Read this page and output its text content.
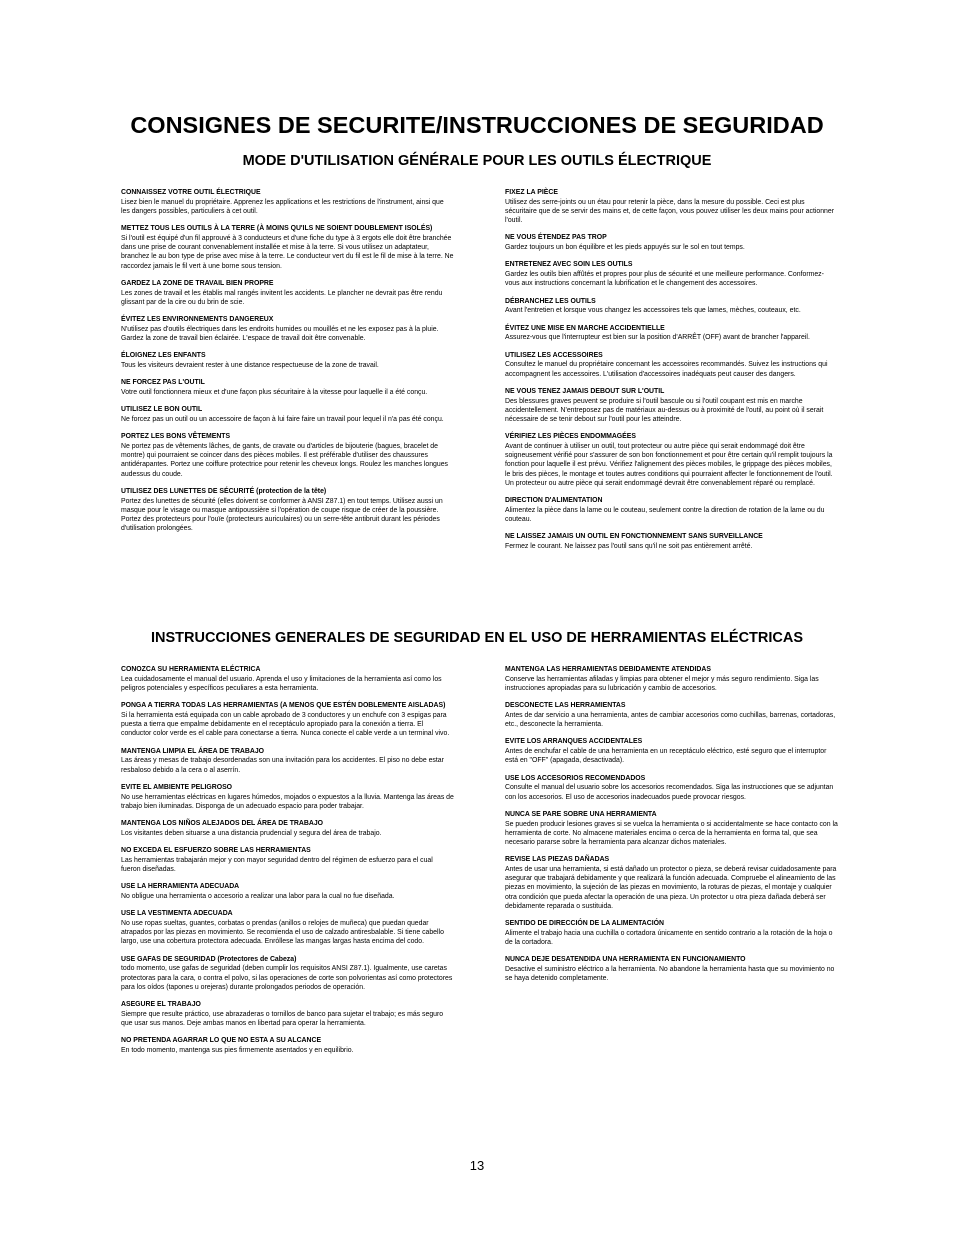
CONSIGNES DE SECURITE/INSTRUCCIONES DE SEGURIDAD
MODE D'UTILISATION GÉNÉRALE POUR LES OUTILS ÉLECTRIQUE
CONNAISSEZ VOTRE OUTIL ÉLECTRIQUE
Lisez bien le manuel du propriétaire. Apprenez les applications et les restrictions de l'instrument, ainsi que les dangers possibles, particuliers à cet outil.
METTEZ TOUS LES OUTILS À LA TERRE (À MOINS QU'ILS NE SOIENT DOUBLEMENT ISOLÉS)
Si l'outil est équipé d'un fil approuvé à 3 conducteurs et d'une fiche du type à 3 ergots elle doit être branchée dans une prise de courant convenablement installée et mise à la terre. Si vous utilisez un adaptateur, branchez le au bon type de prise avec mise à la terre. Le conducteur vert du fil est le fil de mise à la terre. Ne raccordez jamais le fil vert à une borne sous tension.
GARDEZ LA ZONE DE TRAVAIL BIEN PROPRE
Les zones de travail et les établis mal rangés invitent les accidents. Le plancher ne devrait pas être rendu glissant par de la cire ou du brin de scie.
ÉVITEZ LES ENVIRONNEMENTS DANGEREUX
N'utilisez pas d'outils électriques dans les endroits humides ou mouillés et ne les exposez pas à la pluie. Gardez la zone de travail bien éclairée. L'espace de travail doit être convenable.
ÉLOIGNEZ LES ENFANTS
Tous les visiteurs devraient rester à une distance respectueuse de la zone de travail.
NE FORCEZ PAS L'OUTIL
Votre outil fonctionnera mieux et d'une façon plus sécuritaire à la vitesse pour laquelle il a été conçu.
UTILISEZ LE BON OUTIL
Ne forcez pas un outil ou un accessoire de façon à lui faire faire un travail pour lequel il n'a pas été conçu.
PORTEZ LES BONS VÊTEMENTS
Ne portez pas de vêtements lâches, de gants, de cravate ou d'articles de bijouterie (bagues, bracelet de montre) qui pourraient se coincer dans des pièces mobiles. Il est préférable d'utiliser des chaussures antidérapantes. Portez une coiffure protectrice pour retenir les cheveux longs. Roulez les manches longues audessus du coude.
UTILISEZ DES LUNETTES DE SÉCURITÉ (protection de la tête)
Portez des lunettes de sécurité (elles doivent se conformer à ANSI Z87.1) en tout temps. Utilisez aussi un masque pour le visage ou masque antipoussière si l'opération de coupe risque de créer de la poussière. Portez des protecteurs pour l'ouïe (protecteurs auriculaires) ou un serre-tête antibruit durant les périodes d'utilisation prolongées.
FIXEZ LA PIÈCE
Utilisez des serre-joints ou un étau pour retenir la pièce, dans la mesure du possible. Ceci est plus sécuritaire que de se servir des mains et, de cette façon, vous pouvez utiliser les deux mains pour actionner l'outil.
NE VOUS ÉTENDEZ PAS TROP
Gardez toujours un bon équilibre et les pieds appuyés sur le sol en tout temps.
ENTRETENEZ AVEC SOIN LES OUTILS
Gardez les outils bien affûtés et propres pour plus de sécurité et une meilleure performance. Conformez-vous aux instructions concernant la lubrification et le changement des accessoires.
DÉBRANCHEZ LES OUTILS
Avant l'entretien et lorsque vous changez les accessoires tels que lames, mèches, couteaux, etc.
ÉVITEZ UNE MISE EN MARCHE ACCIDENTIELLE
Assurez-vous que l'interrupteur est bien sur la position d'ARRÊT (OFF) avant de brancher l'appareil.
UTILISEZ LES ACCESSOIRES
Consultez le manuel du propriétaire concernant les accessoires recommandés. Suivez les instructions qui accompagnent les accessoires. L'utilisation d'accessoires inadéquats peut causer des dangers.
NE VOUS TENEZ JAMAIS DEBOUT SUR L'OUTIL
Des blessures graves peuvent se produire si l'outil bascule ou si l'outil coupant est mis en marche accidentellement. N'entreposez pas de matériaux au-dessus ou à proximité de l'outil, au point où il serait nécessaire de se tenir debout sur l'outil pour les atteindre.
VÉRIFIEZ LES PIÈCES ENDOMMAGÉES
Avant de continuer à utiliser un outil, tout protecteur ou autre pièce qui serait endommagé doit être soigneusement vérifié pour s'assurer de son bon fonctionnement et pour être certain qu'il remplit toujours la fonction pour laquelle il est prévu. Vérifiez l'alignement des pièces mobiles, le grippage des pièces mobiles, le bris des pièces, le montage et toutes autres conditions qui pourraient affecter le fonctionnement de l'outil. Un protecteur ou autre pièce qui serait endommagé devrait être convenablement réparé ou remplacé.
DIRECTION D'ALIMENTATION
Alimentez la pièce dans la lame ou le couteau, seulement contre la direction de rotation de la lame ou du couteau.
NE LAISSEZ JAMAIS UN OUTIL EN FONCTIONNEMENT SANS SURVEILLANCE
Fermez le courant. Ne laissez pas l'outil sans qu'il ne soit pas entièrement arrêté.
INSTRUCCIONES GENERALES DE SEGURIDAD EN EL USO DE HERRAMIENTAS ELÉCTRICAS
CONOZCA SU HERRAMIENTA ELÉCTRICA
Lea cuidadosamente el manual del usuario. Aprenda el uso y limitaciones de la herramienta así como los peligros potenciales y específicos peculiares a esta herramienta.
PONGA A TIERRA TODAS LAS HERRAMIENTAS (A MENOS QUE ESTÉN DOBLEMENTE AISLADAS)
Si la herramienta está equipada con un cable aprobado de 3 conductores y un enchufe con 3 espigas para puesta a tierra que empalme debidamente en el receptáculo apropiado para la conexión a tierra. El conductor color verde es el cable para conectarse a tierra. Nunca conecte el cable verde a un terminal vivo.
MANTENGA LIMPIA EL ÁREA DE TRABAJO
Las áreas y mesas de trabajo desordenadas son una invitación para los accidentes. El piso no debe estar resbaloso debido a la cera o al aserrín.
EVITE EL AMBIENTE PELIGROSO
No use herramientas eléctricas en lugares húmedos, mojados o expuestos a la lluvia. Mantenga las áreas de trabajo bien iluminadas. Disponga de un adecuado espacio para poder trabajar.
MANTENGA LOS NIÑOS ALEJADOS DEL ÁREA DE TRABAJO
Los visitantes deben situarse a una distancia prudencial y segura del área de trabajo.
NO EXCEDA EL ESFUERZO SOBRE LAS HERRAMIENTAS
Las herramientas trabajarán mejor y con mayor seguridad dentro del régimen de esfuerzo para el cual fueron diseñadas.
USE LA HERRAMIENTA ADECUADA
No obligue una herramienta o accesorio a realizar una labor para la cual no fue diseñada.
USE LA VESTIMENTA ADECUADA
No use ropas sueltas, guantes, corbatas o prendas (anillos o relojes de muñeca) que puedan quedar atrapados por las piezas en movimiento. Se recomienda el uso de calzado antiresbalable. Si tiene cabello largo, use una cobertura protectora adecuada. Enróllese las mangas largas hasta encima del codo.
USE GAFAS DE SEGURIDAD (Protectores de Cabeza)
todo momento, use gafas de seguridad (deben cumplir los requisitos ANSI Z87.1). Igualmente, use caretas protectoras para la cara, o contra el polvo, si las operaciones de corte son polvorientas así como protectores para los oídos (tapones u orejeras) durante prolongados periodos de operación.
ASEGURE EL TRABAJO
Siempre que resulte práctico, use abrazaderas o tornillos de banco para sujetar el trabajo; es más seguro que usar sus manos. Deje ambas manos en libertad para operar la herramienta.
NO PRETENDA AGARRAR LO QUE NO ESTA A SU ALCANCE
En todo momento, mantenga sus pies firmemente asentados y en equilibrio.
MANTENGA LAS HERRAMIENTAS DEBIDAMENTE ATENDIDAS
Conserve las herramientas afiladas y limpias para obtener el mejor y más seguro rendimiento. Siga las instrucciones apropiadas para su lubricación y cambio de accesorios.
DESCONECTE LAS HERRAMIENTAS
Antes de dar servicio a una herramienta, antes de cambiar accesorios como cuchillas, barrenas, cortadoras, etc., desconecte la herramienta.
EVITE LOS ARRANQUES ACCIDENTALES
Antes de enchufar el cable de una herramienta en un receptáculo eléctrico, esté seguro que el interruptor está en "OFF" (apagada, desactivada).
USE LOS ACCESORIOS RECOMENDADOS
Consulte el manual del usuario sobre los accesorios recomendados. Siga las instrucciones que se adjuntan con los accesorios. El uso de accesorios inadecuados puede provocar riesgos.
NUNCA SE PARE SOBRE UNA HERRAMIENTA
Se pueden producir lesiones graves si se vuelca la herramienta o si accidentalmente se hace contacto con la herramienta de corte. No almacene materiales encima o cerca de la herramienta en forma tal, que sea necesario pararse sobre la herramienta para alcanzar dichos materiales.
REVISE LAS PIEZAS DAÑADAS
Antes de usar una herramienta, si está dañado un protector o pieza, se deberá revisar cuidadosamente para asegurar que trabajará debidamente y que realizará la función adecuada. Compruebe el alineamiento de las piezas en movimiento, la sujeción de las piezas en movimiento, la roturas de piezas, el montaje y cualquier otra condición que pueda afectar la operación de una pieza. Un protector u otra pieza dañada deberá ser debidamente reparada o sustituida.
SENTIDO DE DIRECCIÓN DE LA ALIMENTACIÓN
Alimente el trabajo hacia una cuchilla o cortadora únicamente en sentido contrario a la rotación de la hoja o de la cortadora.
NUNCA DEJE DESATENDIDA UNA HERRAMIENTA EN FUNCIONAMIENTO
Desactive el suministro eléctrico a la herramienta. No abandone la herramienta hasta que su movimiento no se haya detenido completamente.
13
